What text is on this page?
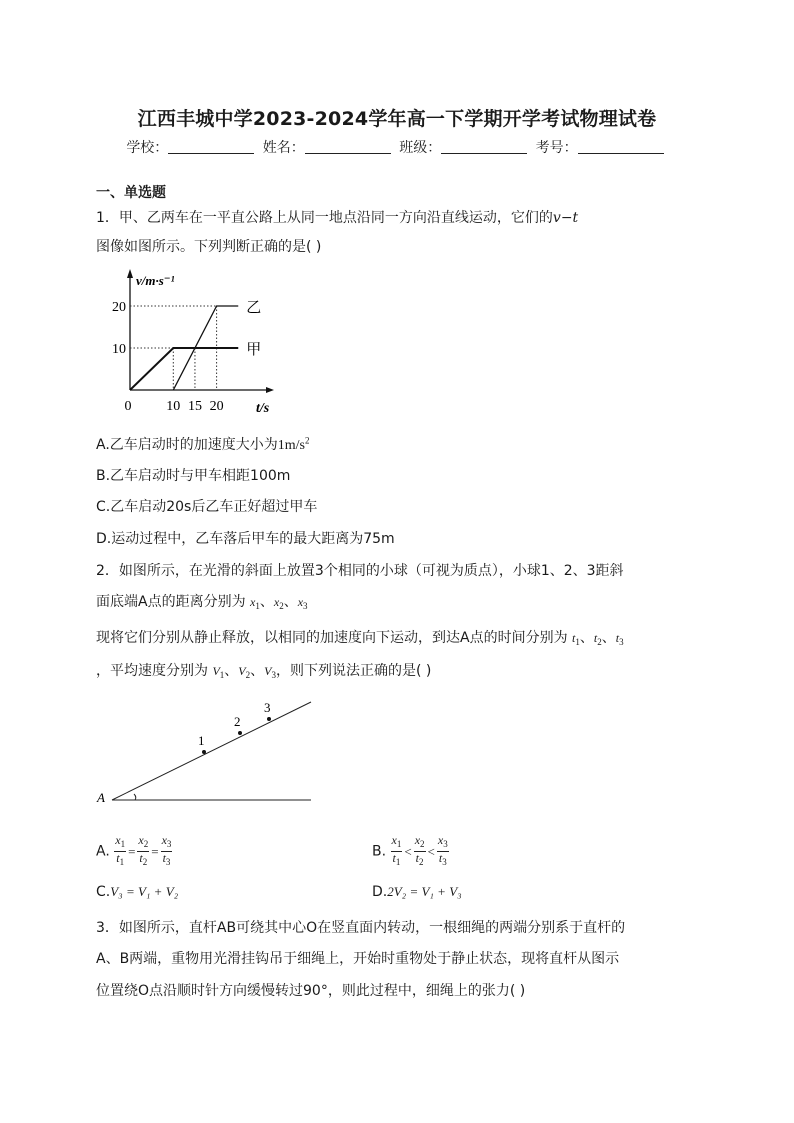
江西丰城中学2023-2024学年高一下学期开学考试物理试卷
学校：	姓名：	班级：	考号：
一、单选题
1．甲、乙两车在一平直公路上从同一地点沿同一方向沿直线运动，它们的v−t
图像如图所示。下列判断正确的是( )
v/m·s⁻¹
t/s
10
20
0 10 15 20
甲
乙
A.乙车启动时的加速度大小为$1m/s^2$
B.乙车启动时与甲车相距100m
C.乙车启动20s后乙车正好超过甲车
D.运动过程中，乙车落后甲车的最大距离为75m
2．如图所示，在光滑的斜面上放置3个相同的小球（可视为质点），小球1、2、3距斜
面底端A点的距离分别为 $x_1$、$x_2$、$x_3$
现将它们分别从静止释放，以相同的加速度向下运动，到达A点的时间分别为 $t_1$、$t_2$、$t_3$
，平均速度分别为 $V_1$、$V_2$、$V_3$，则下列说法正确的是( )
A
1
2
3
A. $\frac{x_1}{t_1} = \frac{x_2}{t_2} = \frac{x_3}{t_3}$	B. $\frac{x_1}{t_1} < \frac{x_2}{t_2} < \frac{x_3}{t_3}$
C.V₃ = V₁ + V₂	D.2V₂ = V₁ + V₃
3．如图所示，直杆AB可绕其中心O在竖直面内转动，一根细绳的两端分别系于直杆的
A、B两端，重物用光滑挂钩吊于细绳上，开始时重物处于静止状态，现将直杆从图示
位置绕O点沿顺时针方向缓慢转过90°，则此过程中，细绳上的张力( )
